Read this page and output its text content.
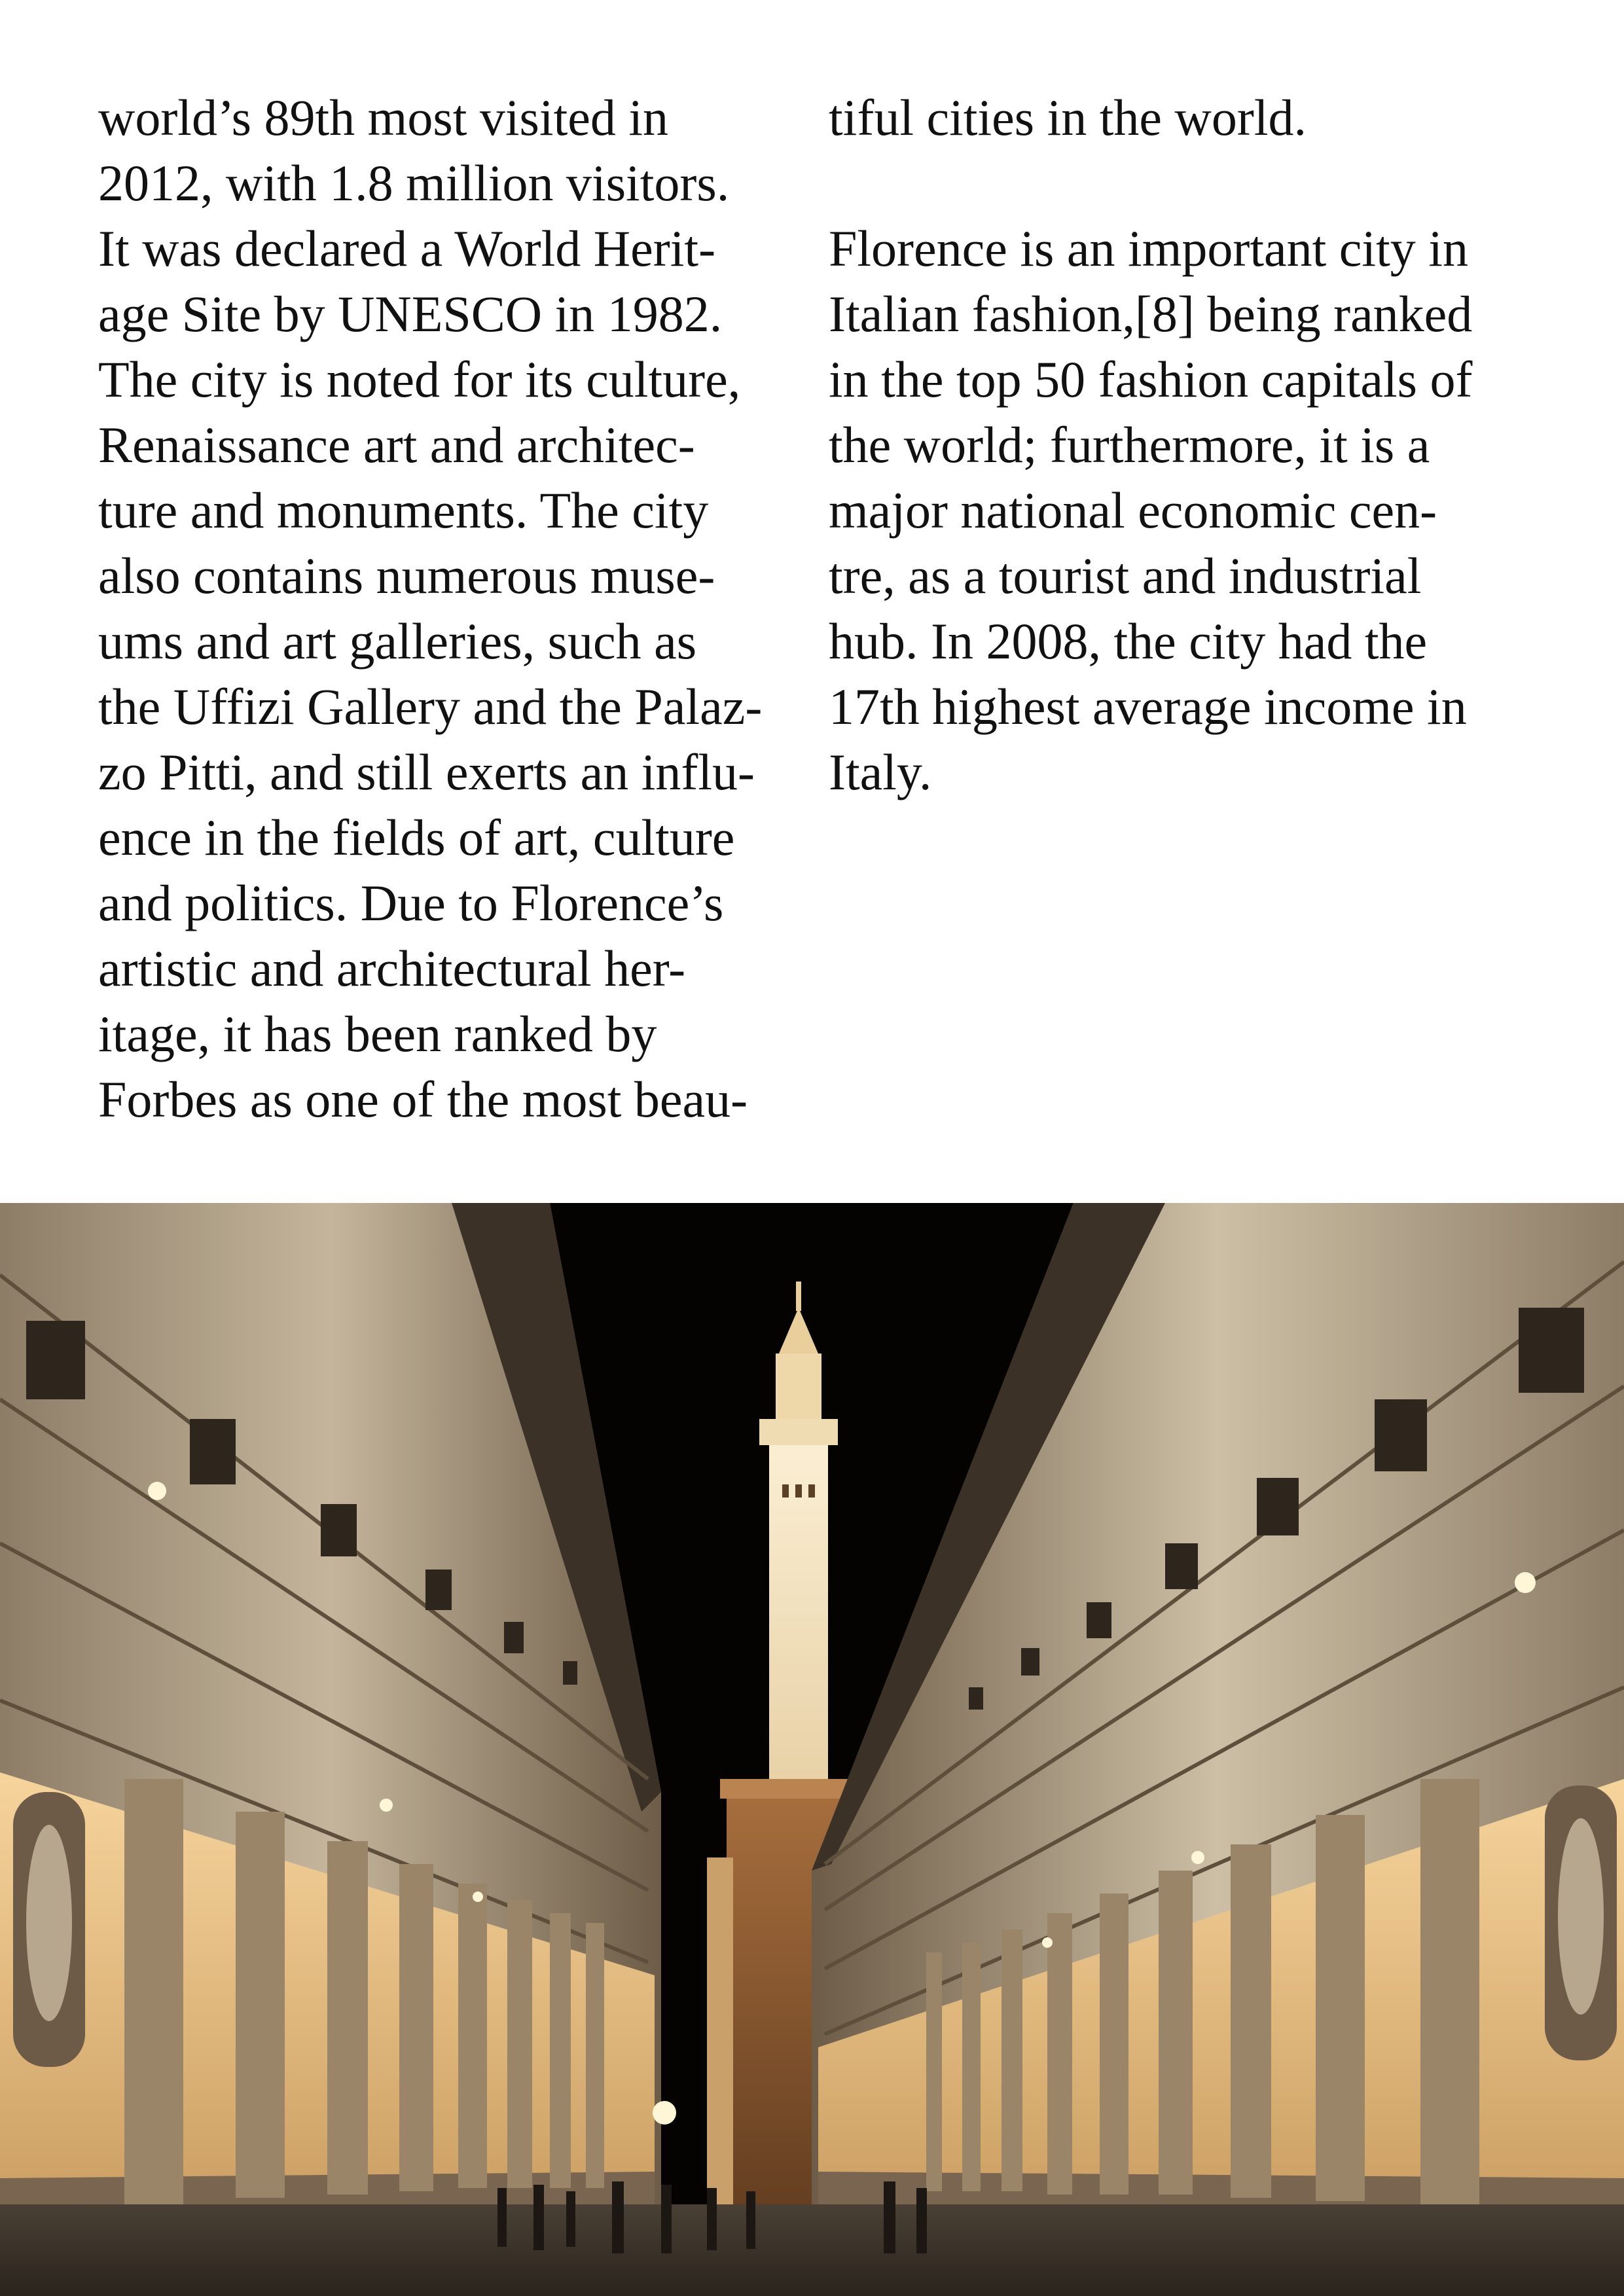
world’s 89th most visited in
2012, with 1.8 million visitors.
It was declared a World Herit-
age Site by UNESCO in 1982.
The city is noted for its culture,
Renaissance art and architec-
ture and monuments. The city
also contains numerous muse-
ums and art galleries, such as
the Uffizi Gallery and the Palaz-
zo Pitti, and still exerts an influ-
ence in the fields of art, culture
and politics. Due to Florence’s
artistic and architectural her-
itage, it has been ranked by
Forbes as one of the most beau-
tiful cities in the world.
Florence is an important city in
Italian fashion,[8] being ranked
in the top 50 fashion capitals of
the world; furthermore, it is a
major national economic cen-
tre, as a tourist and industrial
hub. In 2008, the city had the
17th highest average income in
Italy.
